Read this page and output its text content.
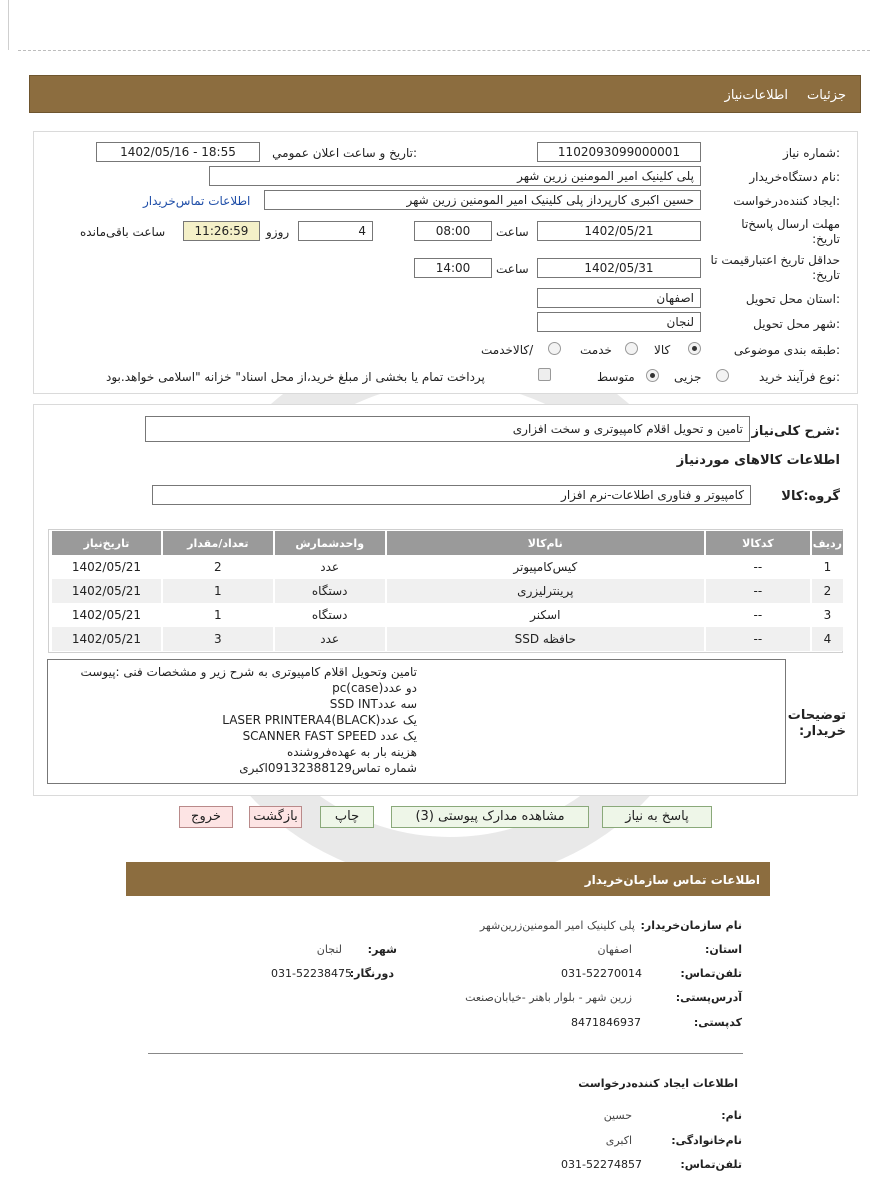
جزئیات
اطلاعات‌نیاز
شماره نیاز:
1102093099000001
تاريخ و ساعت اعلان عمومي:
1402/05/16 - 18:55
نام دستگاه‌خریدار:
پلی کلینیک امیر المومنین زرین شهر
ایجاد کننده‌درخواست:
حسین اکبری کارپرداز پلی کلینیک امیر المومنین زرین شهر
اطلاعات تماس‌خریدار
مهلت ارسال پاسخ‌تا تاریخ:
1402/05/21
ساعت
08:00
4
روزو
11:26:59
ساعت باقی‌مانده
حداقل تاريخ اعتبار‌قیمت تا تاریخ:
1402/05/31
ساعت
14:00
استان محل تحویل:
اصفهان
شهر محل تحویل:
لنجان
طبقه بندی موضوعی:
کالا
خدمت
کالاخدمت/
نوع فرآیند خرید:
جزیی
متوسط
پرداخت تمام یا بخشی از مبلغ خرید،از محل اسناد" خزانه "اسلامی خواهد.بود
شرح کلی‌نیاز:
تامین و تحویل اقلام کامپیوتری و سخت افزاری
اطلاعات کالاهای موردنیاز
گروه:کالا
کامپیوتر و فناوری اطلاعات-نرم افزار
ردیف	کدکالا	نام‌کالا	واحدشمارش	تعداد/مقدار	تاریخ‌نیاز
1	--	کیس‌کامپیوتر	عدد	2	1402/05/21
2	--	پرینترلیزری	دستگاه	1	1402/05/21
3	--	اسکنر	دستگاه	1	1402/05/21
4	--	حافظه SSD	عدد	3	1402/05/21
توضیحات خریدار:
تامین وتحویل اقلام کامپیوتری به شرح زیر و مشخصات فنی :پیوست
دو عدد(pc(case
سه عددSSD INT
یک عدد(LASER PRINTERA4(BLACK
یک عدد SCANNER FAST SPEED
هزینه بار به عهده‌فروشنده
شماره تماس09132388129اکبری
پاسخ به نیاز
مشاهده مدارک پیوستی (3)
چاپ
بازگشت
خروج
اطلاعات تماس سازمان‌خریدار
نام سازمان‌خریدار:
پلی کلینیک امیر المومنین‌زرین‌شهر
استان:
اصفهان
شهر:
لنجان
تلفن‌تماس:
031-52270014
دورنگار:
031-52238475
آدرس‌پستی:
زرین شهر - بلوار باهنر -خیابان‌صنعت
کد‌پستی:
8471846937
اطلاعات ایجاد کننده‌درخواست
نام:
حسین
نام‌خانوادگی:
اکبری
تلفن‌تماس:
031-52274857
